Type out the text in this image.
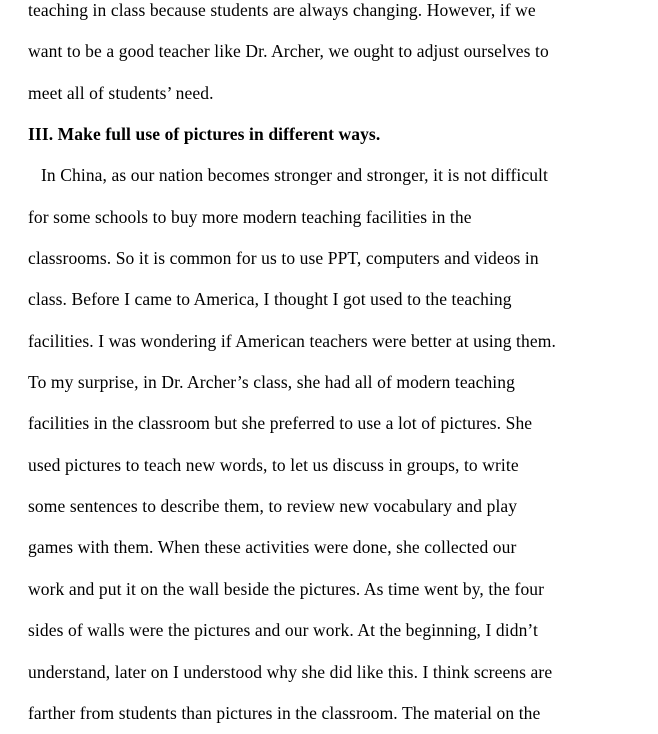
teaching in class because students are always changing. However, if we
want to be a good teacher like Dr. Archer, we ought to adjust ourselves to
meet all of students’ need.
III. Make full use of pictures in different ways.
In China, as our nation becomes stronger and stronger, it is not difficult
for some schools to buy more modern teaching facilities in the
classrooms. So it is common for us to use PPT, computers and videos in
class. Before I came to America, I thought I got used to the teaching
facilities. I was wondering if American teachers were better at using them.
To my surprise, in Dr. Archer’s class, she had all of modern teaching
facilities in the classroom but she preferred to use a lot of pictures. She
used pictures to teach new words, to let us discuss in groups, to write
some sentences to describe them, to review new vocabulary and play
games with them. When these activities were done, she collected our
work and put it on the wall beside the pictures. As time went by, the four
sides of walls were the pictures and our work. At the beginning, I didn’t
understand, later on I understood why she did like this. I think screens are
farther from students than pictures in the classroom. The material on the
